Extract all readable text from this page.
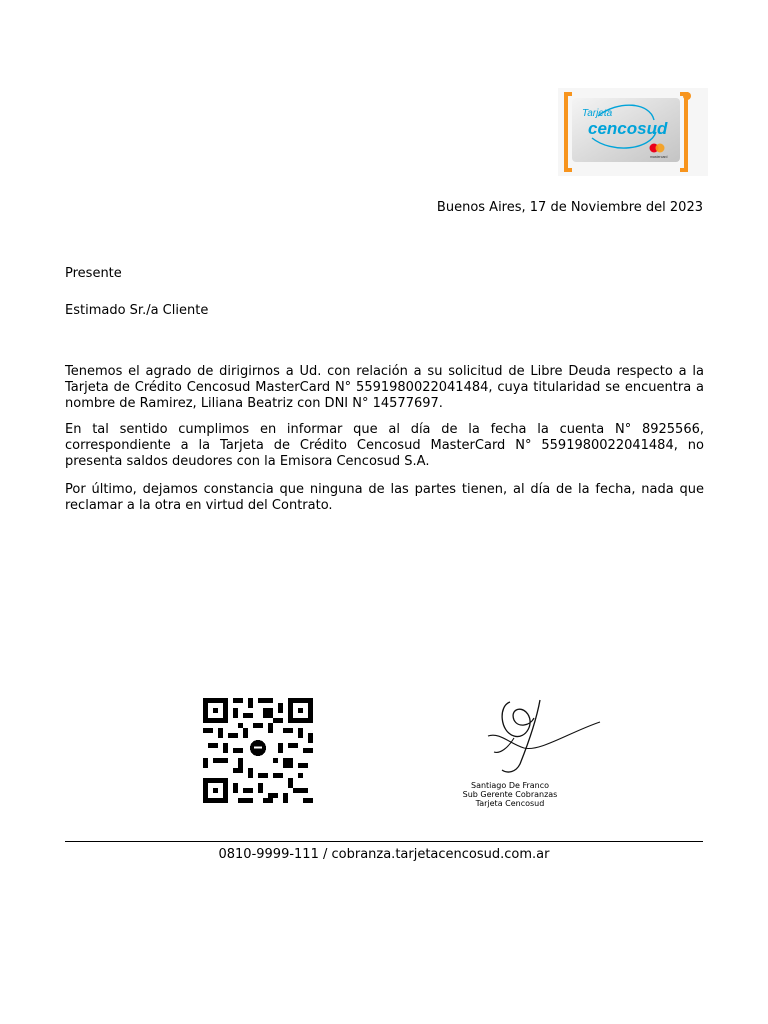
Tarjeta
cencosud
mastercard
Buenos Aires, 17 de Noviembre del 2023
Presente
Estimado Sr./a Cliente
Tenemos el agrado de dirigirnos a Ud. con relación a su solicitud de Libre Deuda respecto a la Tarjeta de Crédito Cencosud MasterCard N° 5591980022041484, cuya titularidad se encuentra a nombre de Ramirez, Liliana Beatriz con DNI N° 14577697.
En tal sentido cumplimos en informar que al día de la fecha la cuenta N° 8925566, correspondiente a la Tarjeta de Crédito Cencosud MasterCard N° 5591980022041484, no presenta saldos deudores con la Emisora Cencosud S.A.
Por último, dejamos constancia que ninguna de las partes tienen, al día de la fecha, nada que reclamar a la otra en virtud del Contrato.
Santiago De Franco
Sub Gerente Cobranzas
Tarjeta Cencosud
0810-9999-111 / cobranza.tarjetacencosud.com.ar
